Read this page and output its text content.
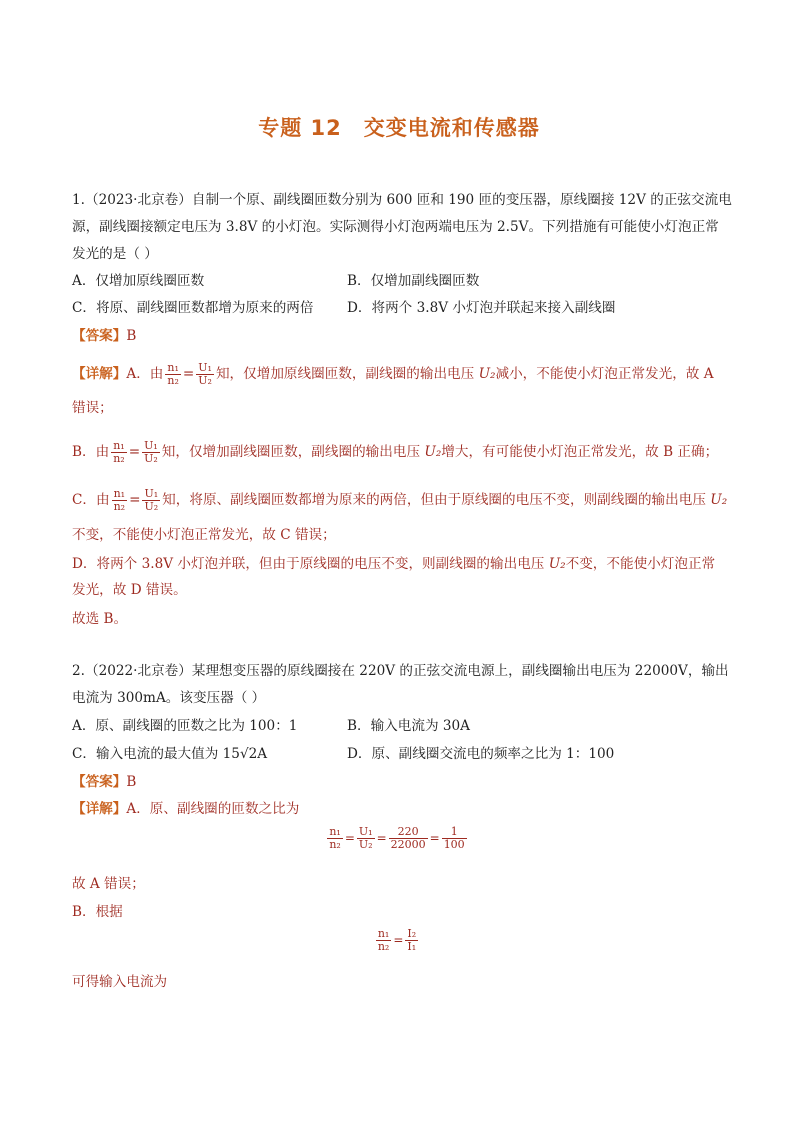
专题 12 交变电流和传感器
1.（2023·北京卷）自制一个原、副线圈匝数分别为 600 匝和 190 匝的变压器，原线圈接 12V 的正弦交流电
源，副线圈接额定电压为 3.8V 的小灯泡。实际测得小灯泡两端电压为 2.5V。下列措施有可能使小灯泡正常
发光的是（ ）
A．仅增加原线圈匝数	B．仅增加副线圈匝数
C．将原、副线圈匝数都增为原来的两倍 D．将两个 3.8V 小灯泡并联起来接入副线圈
【答案】B
【详解】A．由 $\frac{\text{n₁}}{\text{n₂}} = \frac{\text{U₁}}{\text{U₂}}$ 知，仅增加原线圈匝数，副线圈的输出电压 U₂减小，不能使小灯泡正常发光，故 A
错误；
B．由 $\frac{\text{n₁}}{\text{n₂}} = \frac{\text{U₁}}{\text{U₂}}$ 知，仅增加副线圈匝数，副线圈的输出电压 U₂增大，有可能使小灯泡正常发光，故 B 正确；
C．由 $\frac{\text{n₁}}{\text{n₂}} = \frac{\text{U₁}}{\text{U₂}}$ 知，将原、副线圈匝数都增为原来的两倍，但由于原线圈的电压不变，则副线圈的输出电压 U₂
不变，不能使小灯泡正常发光，故 C 错误；
D．将两个 3.8V 小灯泡并联，但由于原线圈的电压不变，则副线圈的输出电压 U₂不变，不能使小灯泡正常
发光，故 D 错误。
故选 B。
2.（2022·北京卷）某理想变压器的原线圈接在 220V 的正弦交流电源上，副线圈输出电压为 22000V，输出
电流为 300mA。该变压器（ ）
A．原、副线圈的匝数之比为 100：1	B．输入电流为 30A
C．输入电流的最大值为 15√2A	D．原、副线圈交流电的频率之比为 1：100
【答案】B
【详解】A．原、副线圈的匝数之比为
$\frac{\text{n₁}}{\text{n₂}} = \frac{\text{U₁}}{\text{U₂}} = \frac{220}{22000} = \frac{1}{100}$
故 A 错误；
B．根据
$\frac{\text{n₁}}{\text{n₂}} = \frac{\text{I₂}}{\text{I₁}}$
可得输入电流为
